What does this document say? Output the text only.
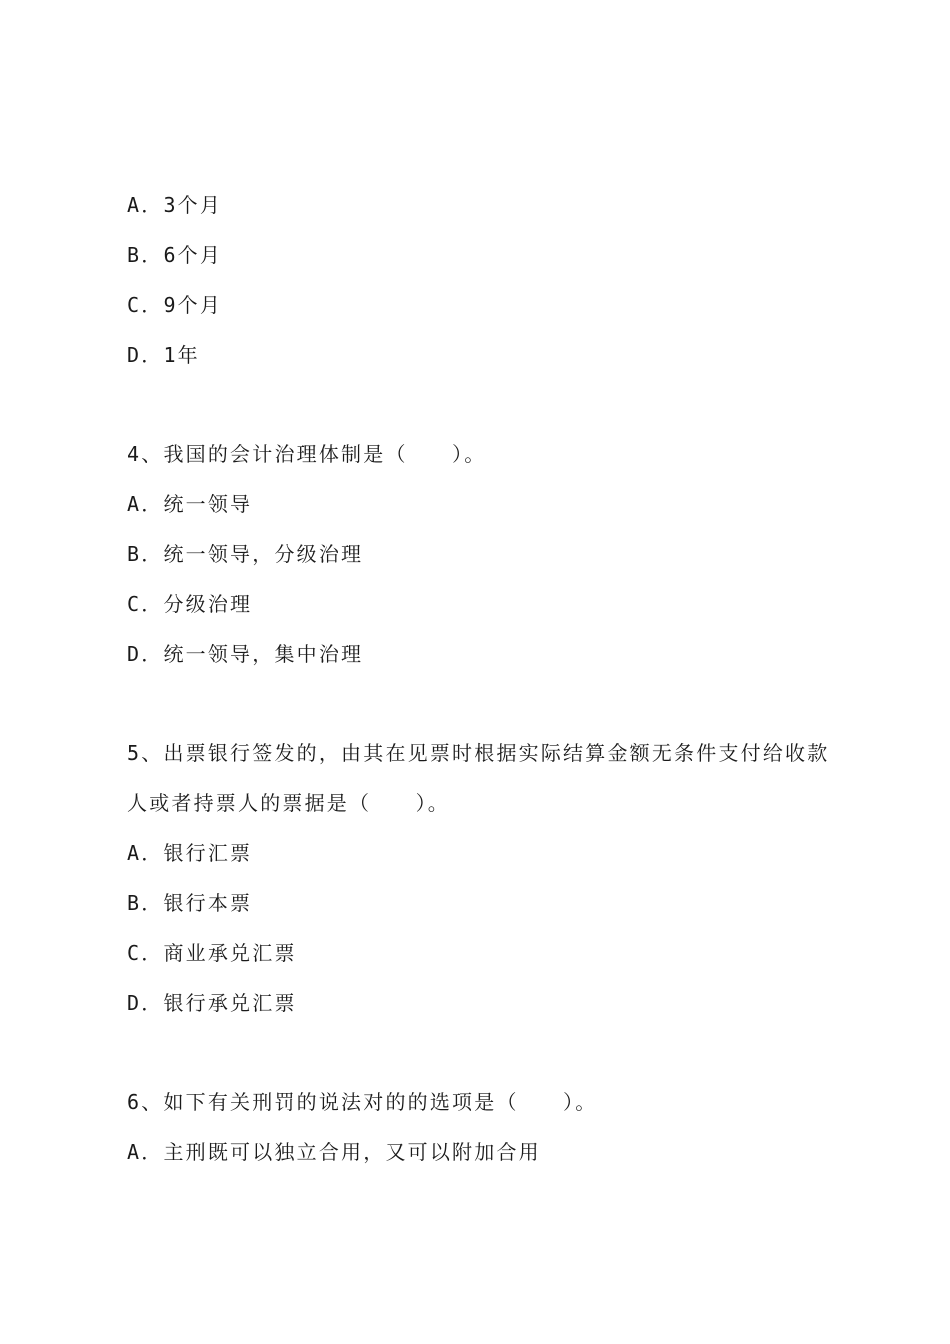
A．3个月
B．6个月
C．9个月
D．1年
4、我国的会计治理体制是（　　）。
A．统一领导
B．统一领导，分级治理
C．分级治理
D．统一领导，集中治理
5、出票银行签发的，由其在见票时根据实际结算金额无条件支付给收款
人或者持票人的票据是（　　）。
A．银行汇票
B．银行本票
C．商业承兑汇票
D．银行承兑汇票
6、如下有关刑罚的说法对的的选项是（　　）。
A．主刑既可以独立合用，又可以附加合用
